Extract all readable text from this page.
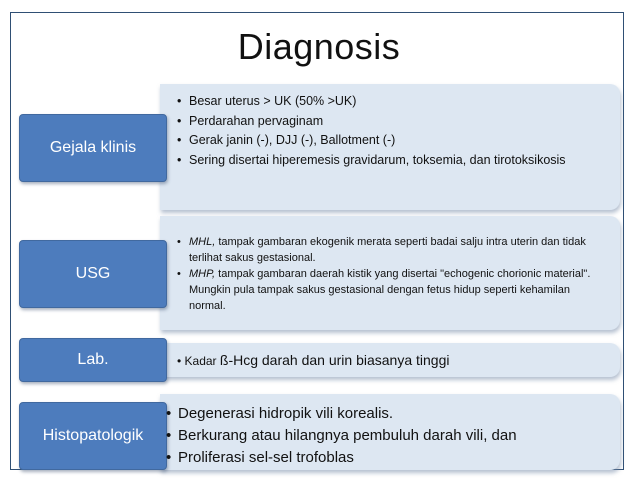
Diagnosis
Gejala klinis
• Besar uterus > UK (50% >UK)
• Perdarahan pervaginam
• Gerak janin (-), DJJ (-), Ballotment (-)
• Sering disertai hiperemesis gravidarum, toksemia, dan tirotoksikosis
USG
• MHL, tampak gambaran ekogenik merata seperti badai salju intra uterin dan tidak terlihat sakus gestasional.
• MHP, tampak gambaran daerah kistik yang disertai "echogenic chorionic material". Mungkin pula tampak sakus gestasional dengan fetus hidup seperti kehamilan normal.
Lab.	• Kadar ß-Hcg darah dan urin biasanya tinggi
Histopatologik
• Degenerasi hidropik vili korealis.
• Berkurang atau hilangnya pembuluh darah vili, dan
• Proliferasi sel-sel trofoblas
